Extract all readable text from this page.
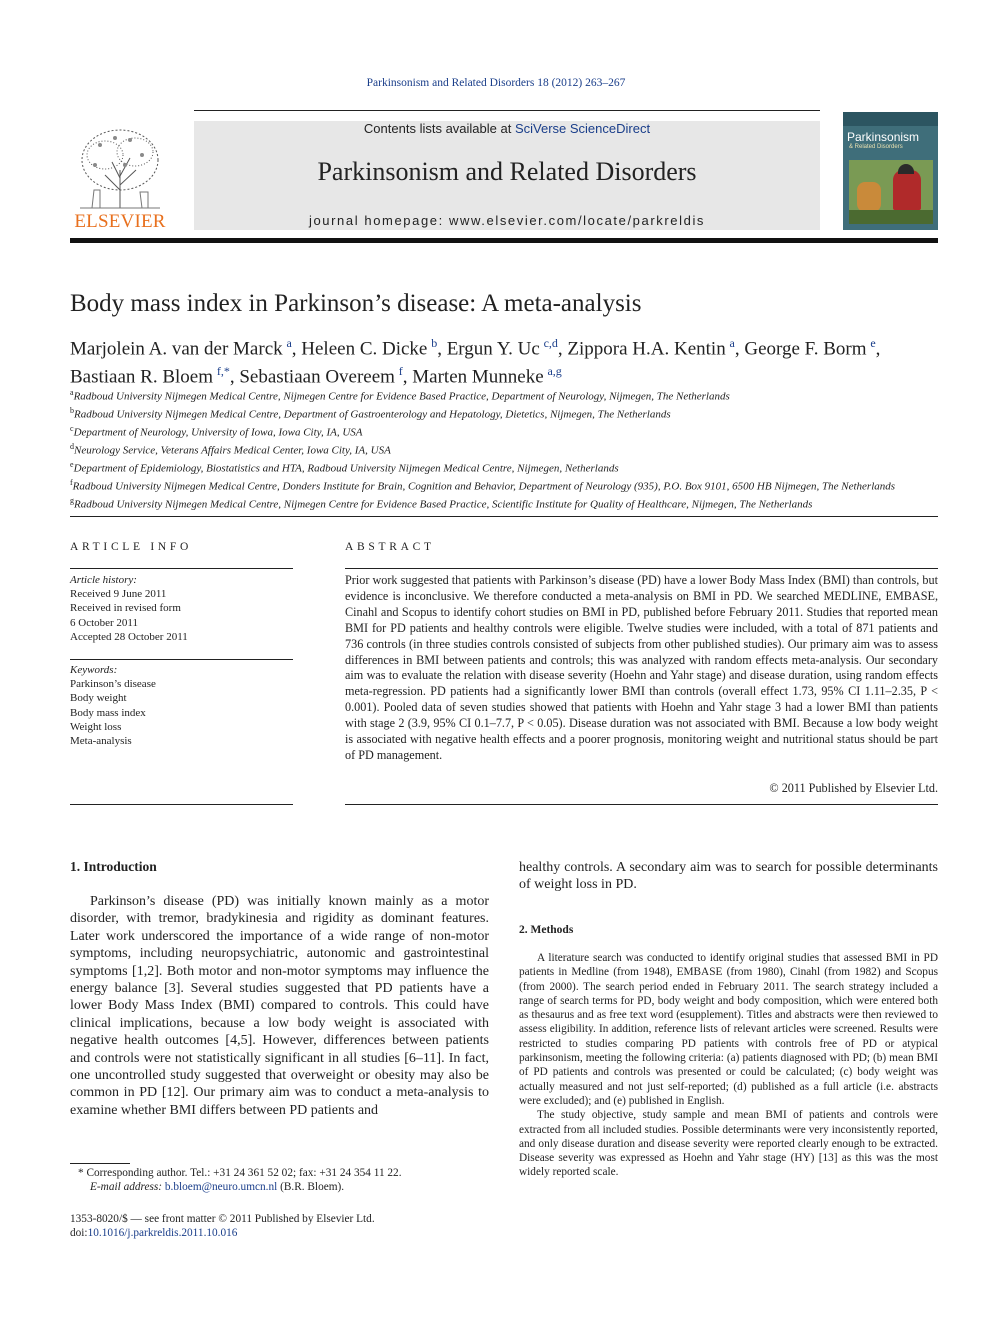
Parkinsonism and Related Disorders 18 (2012) 263–267
ELSEVIER
Contents lists available at SciVerse ScienceDirect
Parkinsonism and Related Disorders
journal homepage: www.elsevier.com/locate/parkreldis
Parkinsonism
& Related Disorders
Body mass index in Parkinson’s disease: A meta-analysis
Marjolein A. van der Marck  $^a$, Heleen C. Dicke  $^b$, Ergun Y. Uc  $^{c,d}$, Zippora H.A. Kentin  $^a$, George F. Borm  $^e$,
Bastiaan R. Bloem  $^{f,*}$, Sebastiaan Overeem  $^f$, Marten Munneke  $^{a,g}$
$^a$Radboud University Nijmegen Medical Centre, Nijmegen Centre for Evidence Based Practice, Department of Neurology, Nijmegen, The Netherlands
$^b$Radboud University Nijmegen Medical Centre, Department of Gastroenterology and Hepatology, Dietetics, Nijmegen, The Netherlands
$^c$Department of Neurology, University of Iowa, Iowa City, IA, USA
$^d$Neurology Service, Veterans Affairs Medical Center, Iowa City, IA, USA
$^e$Department of Epidemiology, Biostatistics and HTA, Radboud University Nijmegen Medical Centre, Nijmegen, Netherlands
$^f$Radboud University Nijmegen Medical Centre, Donders Institute for Brain, Cognition and Behavior, Department of Neurology (935), P.O. Box 9101, 6500 HB Nijmegen, The Netherlands
$^g$Radboud University Nijmegen Medical Centre, Nijmegen Centre for Evidence Based Practice, Scientific Institute for Quality of Healthcare, Nijmegen, The Netherlands
ARTICLE INFO
Article history:
Received 9 June 2011
Received in revised form
6 October 2011
Accepted 28 October 2011
Keywords:
Parkinson’s disease
Body weight
Body mass index
Weight loss
Meta-analysis
ABSTRACT
Prior work suggested that patients with Parkinson’s disease (PD) have a lower Body Mass Index (BMI) than controls, but evidence is inconclusive. We therefore conducted a meta-analysis on BMI in PD. We searched MEDLINE, EMBASE, Cinahl and Scopus to identify cohort studies on BMI in PD, published before February 2011. Studies that reported mean BMI for PD patients and healthy controls were eligible. Twelve studies were included, with a total of 871 patients and 736 controls (in three studies controls consisted of subjects from other published studies). Our primary aim was to assess differences in BMI between patients and controls; this was analyzed with random effects meta-analysis. Our secondary aim was to evaluate the relation with disease severity (Hoehn and Yahr stage) and disease duration, using random effects meta-regression. PD patients had a significantly lower BMI than controls (overall effect 1.73, 95% CI 1.11–2.35, P < 0.001). Pooled data of seven studies showed that patients with Hoehn and Yahr stage 3 had a lower BMI than patients with stage 2 (3.9, 95% CI 0.1–7.7, P < 0.05). Disease duration was not associated with BMI. Because a low body weight is associated with negative health effects and a poorer prognosis, monitoring weight and nutritional status should be part of PD management.
© 2011 Published by Elsevier Ltd.
1. Introduction

Parkinson’s disease (PD) was initially known mainly as a motor disorder, with tremor, bradykinesia and rigidity as dominant features. Later work underscored the importance of a wide range of non-motor symptoms, including neuropsychiatric, autonomic and gastrointestinal symptoms [1,2]. Both motor and non-motor symptoms may influence the energy balance [3]. Several studies suggested that PD patients have a lower Body Mass Index (BMI) compared to controls. This could have clinical implications, because a low body weight is associated with negative health outcomes [4,5]. However, differences between patients and controls were not statistically significant in all studies [6–11]. In fact, one uncontrolled study suggested that overweight or obesity may also be common in PD [12]. Our primary aim was to conduct a meta-analysis to examine whether BMI differs between PD patients and

* Corresponding author. Tel.: +31 24 361 52 02; fax: +31 24 354 11 22.
E-mail address: b.bloem@neuro.umcn.nl (B.R. Bloem).
1353-8020/$ — see front matter © 2011 Published by Elsevier Ltd.
doi:10.1016/j.parkreldis.2011.10.016
healthy controls. A secondary aim was to search for possible determinants of weight loss in PD.
2. Methods

A literature search was conducted to identify original studies that assessed BMI in PD patients in Medline (from 1948), EMBASE (from 1980), Cinahl (from 1982) and Scopus (from 2000). The search period ended in February 2011. The search strategy included a range of search terms for PD, body weight and body composition, which were entered both as thesaurus and as free text word (esupplement). Titles and abstracts were then reviewed to assess eligibility. In addition, reference lists of relevant articles were screened. Results were restricted to studies comparing PD patients with controls free of PD or atypical parkinsonism, meeting the following criteria: (a) patients diagnosed with PD; (b) mean BMI of PD patients and controls was presented or could be calculated; (c) body weight was actually measured and not just self-reported; (d) published as a full article (i.e. abstracts were excluded); and (e) published in English.

The study objective, study sample and mean BMI of patients and controls were extracted from all included studies. Possible determinants were very inconsistently reported, and only disease duration and disease severity were reported clearly enough to be extracted. Disease severity was expressed as Hoehn and Yahr stage (HY) [13] as this was the most widely reported scale.
